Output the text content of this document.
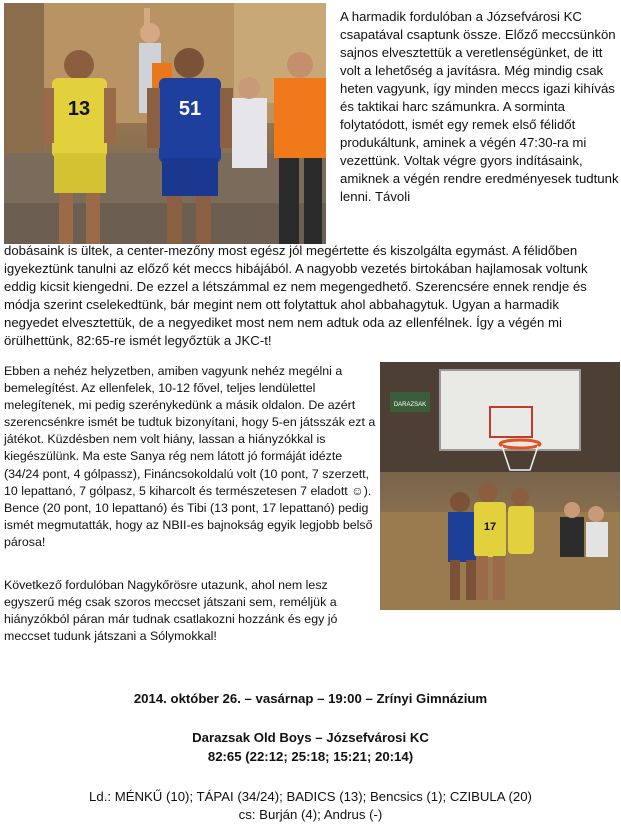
13	51

A harmadik fordulóban a Józsefvárosi KC csapatával csaptunk össze. Előző meccsünkön sajnos elvesztettük a veretlenségünket, de itt volt a lehetőség a javításra. Még mindig csak heten vagyunk, így minden meccs igazi kihívás és taktikai harc számunkra. A sorminta folytatódott, ismét egy remek első félidőt produkáltunk, aminek a végén 47:30-ra mi vezettünk. Voltak végre gyors indításaink, amiknek a végén rendre eredményesek tudtunk lenni. Távoli

dobásaink is ültek, a center-mezőny most egész jól megértette és kiszolgálta egymást. A félidőben igyekeztünk tanulni az előző két meccs hibájából. A nagyobb vezetés birtokában hajlamosak voltunk eddig kicsit kiengedni. De ezzel a létszámmal ez nem megengedhető. Szerencsére ennek rendje és módja szerint cselekedtünk, bár megint nem ott folytattuk ahol abbahagytuk. Ugyan a harmadik negyedet elvesztettük, de a negyediket most nem nem adtuk oda az ellenfélnek. Így a végén mi örülhettünk, 82:65-re ismét legyőztük a JKC-t!

DARAZSAK
17

Ebben a nehéz helyzetben, amiben vagyunk nehéz megélni a bemelegítést. Az ellenfelek, 10-12 fővel, teljes lendülettel melegítenek, mi pedig szerénykedünk a másik oldalon. De azért szerencsénkre ismét be tudtuk bizonyítani, hogy 5-en játsszák ezt a játékot. Küzdésben nem volt hiány, lassan a hiányzókkal is kiegészülünk. Ma este Sanya rég nem látott jó formáját idézte (34/24 pont, 4 gólpassz), Fináncsokoldalú volt (10 pont, 7 szerzett, 10 lepattanó, 7 gólpasz, 5 kiharcolt és természetesen 7 eladott ☺). Bence (20 pont, 10 lepattanó) és Tibi (13 pont, 17 lepattanó) pedig ismét megmutatták, hogy az NBII-es bajnokság egyik legjobb belső párosa!

Következő fordulóban Nagykőrösre utazunk, ahol nem lesz egyszerű még csak szoros meccset játszani sem, reméljük a hiányzókból páran már tudnak csatlakozni hozzánk és egy jó meccset tudunk játszani a Sólymokkal!

2014. október 26. – vasárnap – 19:00 – Zrínyi Gimnázium
Darazsak Old Boys – Józsefvárosi KC
82:65 (22:12; 25:18; 15:21; 20:14)
Ld.: MÉNKŰ (10); TÁPAI (34/24); BADICS (13); Bencsics (1); CZIBULA (20)
cs: Burján (4); Andrus (-)
